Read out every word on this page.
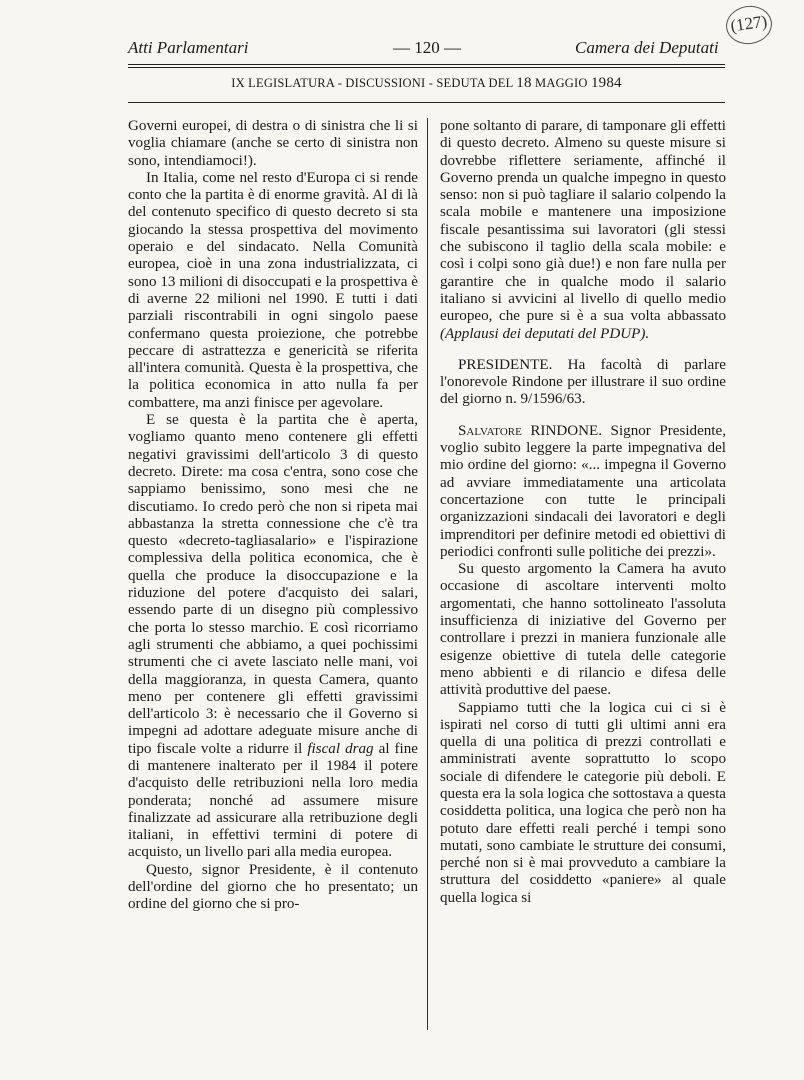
Atti Parlamentari	— 120 —	Camera dei Deputati
(127)
IX LEGISLATURA - DISCUSSIONI - SEDUTA DEL 18 MAGGIO 1984

Governi europei, di destra o di sinistra che li si voglia chiamare (anche se certo di sinistra non sono, intendiamoci!).

In Italia, come nel resto d'Europa ci si rende conto che la partita è di enorme gravità. Al di là del contenuto specifico di questo decreto si sta giocando la stessa prospettiva del movimento operaio e del sindacato. Nella Comunità europea, cioè in una zona industrializzata, ci sono 13 milioni di disoccupati e la prospettiva è di averne 22 milioni nel 1990. E tutti i dati parziali riscontrabili in ogni singolo paese confermano questa proiezione, che potrebbe peccare di astrattezza e genericità se riferita all'intera comunità. Questa è la prospettiva, che la politica economica in atto nulla fa per combattere, ma anzi finisce per agevolare.

E se questa è la partita che è aperta, vogliamo quanto meno contenere gli effetti negativi gravissimi dell'articolo 3 di questo decreto. Direte: ma cosa c'entra, sono cose che sappiamo benissimo, sono mesi che ne discutiamo. Io credo però che non si ripeta mai abbastanza la stretta connessione che c'è tra questo «decreto-tagliasalario» e l'ispirazione complessiva della politica economica, che è quella che produce la disoccupazione e la riduzione del potere d'acquisto dei salari, essendo parte di un disegno più complessivo che porta lo stesso marchio. E così ricorriamo agli strumenti che abbiamo, a quei pochissimi strumenti che ci avete lasciato nelle mani, voi della maggioranza, in questa Camera, quanto meno per contenere gli effetti gravissimi dell'articolo 3: è necessario che il Governo si impegni ad adottare adeguate misure anche di tipo fiscale volte a ridurre il fiscal drag al fine di mantenere inalterato per il 1984 il potere d'acquisto delle retribuzioni nella loro media ponderata; nonché ad assumere misure finalizzate ad assicurare alla retribuzione degli italiani, in effettivi termini di potere di acquisto, un livello pari alla media europea.

Questo, signor Presidente, è il contenuto dell'ordine del giorno che ho presentato; un ordine del giorno che si pro-

pone soltanto di parare, di tamponare gli effetti di questo decreto. Almeno su queste misure si dovrebbe riflettere seriamente, affinché il Governo prenda un qualche impegno in questo senso: non si può tagliare il salario colpendo la scala mobile e mantenere una imposizione fiscale pesantissima sui lavoratori (gli stessi che subiscono il taglio della scala mobile: e così i colpi sono già due!) e non fare nulla per garantire che in qualche modo il salario italiano si avvicini al livello di quello medio europeo, che pure si è a sua volta abbassato (Applausi dei deputati del PDUP).

PRESIDENTE. Ha facoltà di parlare l'onorevole Rindone per illustrare il suo ordine del giorno n. 9/1596/63.

Salvatore RINDONE. Signor Presidente, voglio subito leggere la parte impegnativa del mio ordine del giorno: «... impegna il Governo ad avviare immediatamente una articolata concertazione con tutte le principali organizzazioni sindacali dei lavoratori e degli imprenditori per definire metodi ed obiettivi di periodici confronti sulle politiche dei prezzi».

Su questo argomento la Camera ha avuto occasione di ascoltare interventi molto argomentati, che hanno sottolineato l'assoluta insufficienza di iniziative del Governo per controllare i prezzi in maniera funzionale alle esigenze obiettive di tutela delle categorie meno abbienti e di rilancio e difesa delle attività produttive del paese.

Sappiamo tutti che la logica cui ci si è ispirati nel corso di tutti gli ultimi anni era quella di una politica di prezzi controllati e amministrati avente soprattutto lo scopo sociale di difendere le categorie più deboli. E questa era la sola logica che sottostava a questa cosiddetta politica, una logica che però non ha potuto dare effetti reali perché i tempi sono mutati, sono cambiate le strutture dei consumi, perché non si è mai provveduto a cambiare la struttura del cosiddetto «paniere» al quale quella logica si
